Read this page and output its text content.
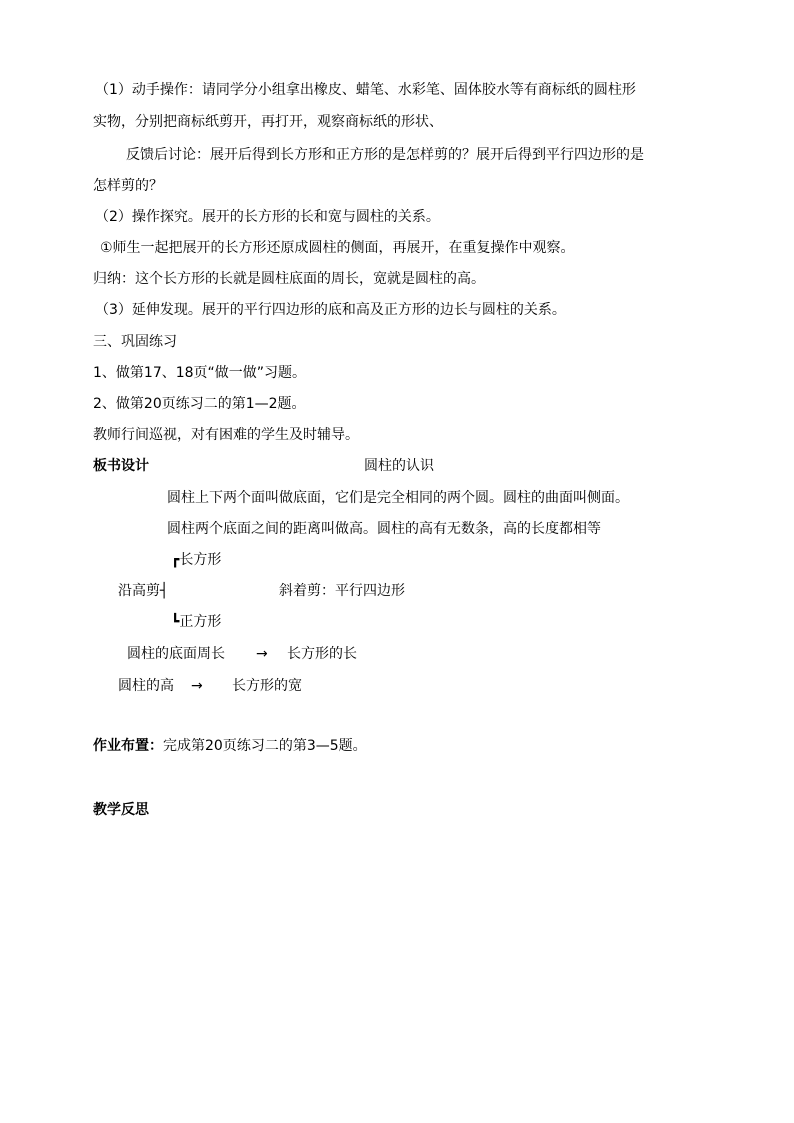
（1）动手操作：请同学分小组拿出橡皮、蜡笔、水彩笔、固体胶水等有商标纸的圆柱形
实物，分别把商标纸剪开，再打开，观察商标纸的形状、
反馈后讨论：展开后得到长方形和正方形的是怎样剪的？展开后得到平行四边形的是
怎样剪的？
（2）操作探究。展开的长方形的长和宽与圆柱的关系。
①师生一起把展开的长方形还原成圆柱的侧面，再展开，在重复操作中观察。
归纳：这个长方形的长就是圆柱底面的周长，宽就是圆柱的高。
（3）延伸发现。展开的平行四边形的底和高及正方形的边长与圆柱的关系。
三、巩固练习
1、做第17、18页“做一做”习题。
2、做第20页练习二的第1—2题。
教师行间巡视，对有困难的学生及时辅导。
板书设计	圆柱的认识
圆柱上下两个面叫做底面，它们是完全相同的两个圆。圆柱的曲面叫侧面。
圆柱两个底面之间的距离叫做高。圆柱的高有无数条，高的长度都相等
┏长方形
沿高剪┤	斜着剪：平行四边形
┗正方形
圆柱的底面周长 → 长方形的长
圆柱的高 → 长方形的宽
作业布置：完成第20页练习二的第3—5题。
教学反思
